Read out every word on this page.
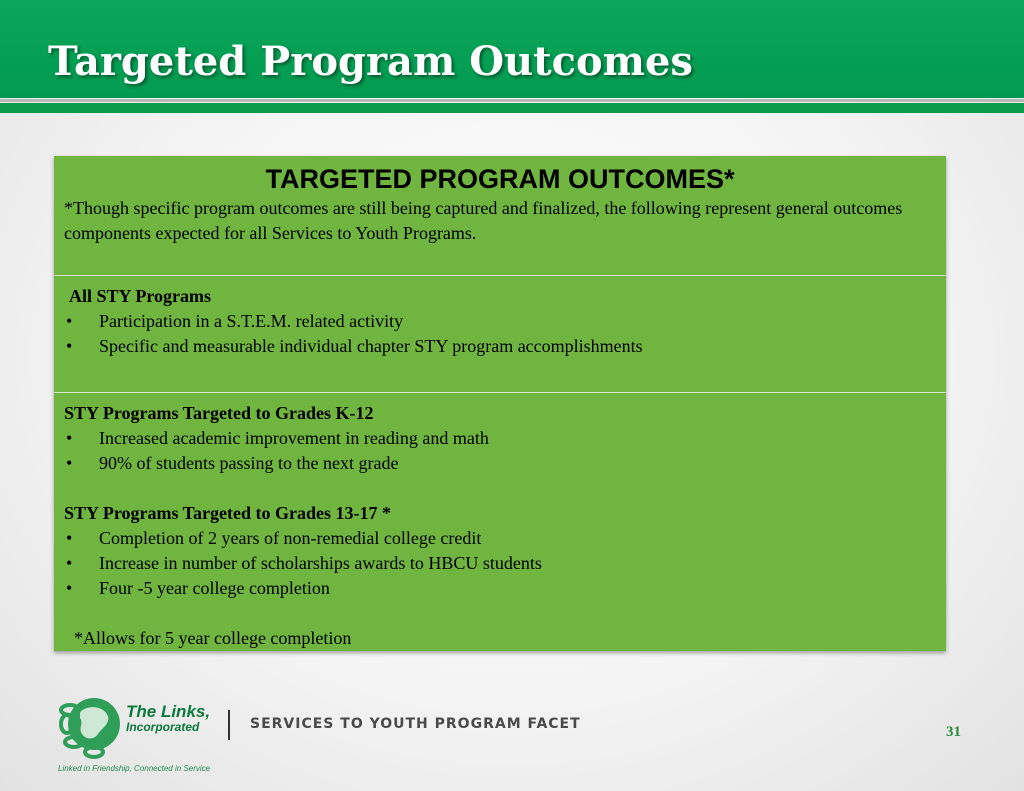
Targeted Program Outcomes

TARGETED PROGRAM OUTCOMES*

*Though specific program outcomes are still being captured and finalized, the following represent general outcomes components expected for all Services to Youth Programs.

All STY Programs

• Participation in a S.T.E.M. related activity
• Specific and measurable individual chapter STY program accomplishments

STY Programs Targeted to Grades K-12

• Increased academic improvement in reading and math
• 90% of students passing to the next grade

STY Programs Targeted to Grades 13-17 *

• Completion of 2 years of non-remedial college credit
• Increase in number of scholarships awards to HBCU students
• Four -5 year college completion

*Allows for 5 year college completion

The Links,
Incorporated
Linked in Friendship, Connected in Service
SERVICES TO YOUTH PROGRAM FACET	31
